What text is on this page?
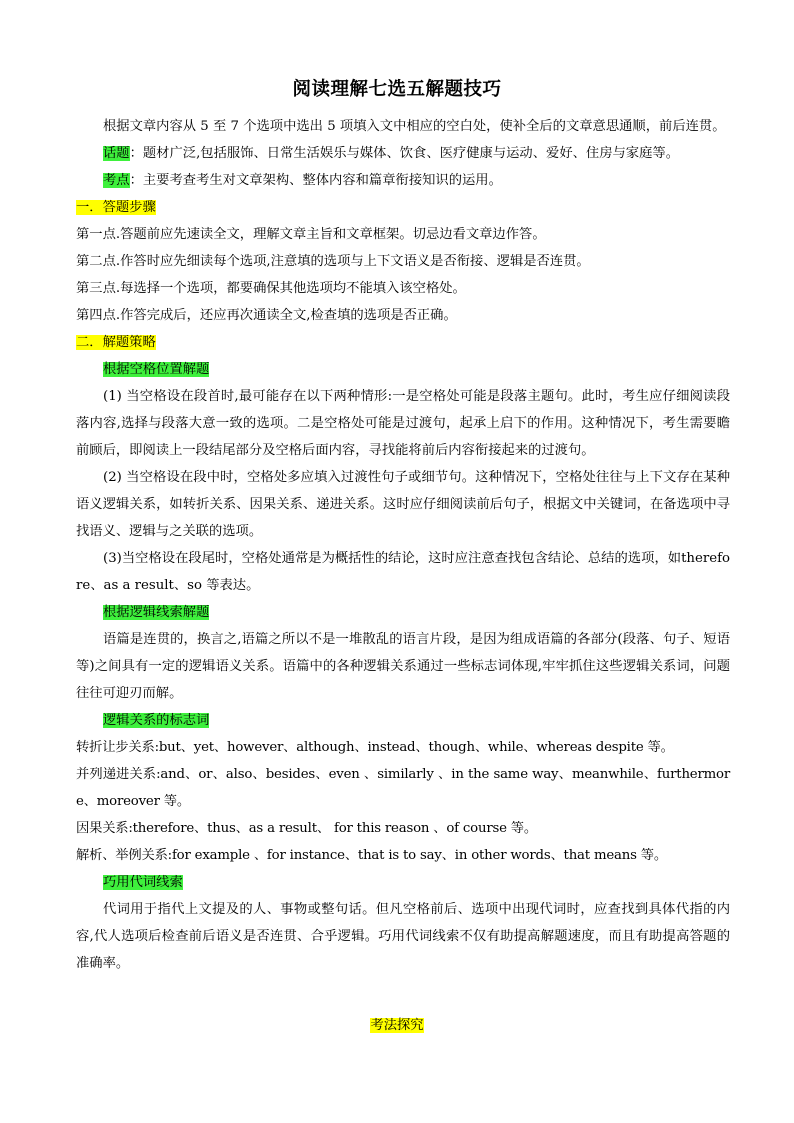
阅读理解七选五解题技巧

根据文章内容从 5 至 7 个选项中选出 5 项填入文中相应的空白处，使补全后的文章意思通顺，前后连贯。

话题：题材广泛,包括服饰、日常生活娱乐与媒体、饮食、医疗健康与运动、爱好、住房与家庭等。

考点：主要考查考生对文章架构、整体内容和篇章衔接知识的运用。

一．答题步骤

第一点.答题前应先速读全文，理解文章主旨和文章框架。切忌边看文章边作答。

第二点.作答时应先细读每个选项,注意填的选项与上下文语义是否衔接、逻辑是否连贯。

第三点.每选择一个选项，都要确保其他选项均不能填入该空格处。

第四点.作答完成后，还应再次通读全文,检查填的选项是否正确。

二．解题策略

根据空格位置解题

(1) 当空格设在段首时,最可能存在以下两种情形:一是空格处可能是段落主题句。此时，考生应仔细阅读段落内容,选择与段落大意一致的选项。二是空格处可能是过渡句，起承上启下的作用。这种情况下，考生需要瞻前顾后，即阅读上一段结尾部分及空格后面内容，寻找能将前后内容衔接起来的过渡句。

(2) 当空格设在段中时，空格处多应填入过渡性句子或细节句。这种情况下，空格处往往与上下文存在某种语义逻辑关系，如转折关系、因果关系、递进关系。这时应仔细阅读前后句子，根据文中关键词，在备选项中寻找语义、逻辑与之关联的选项。

(3)当空格设在段尾时，空格处通常是为概括性的结论，这时应注意查找包含结论、总结的选项，如therefore、as a result、so 等表达。

根据逻辑线索解题

语篇是连贯的，换言之,语篇之所以不是一堆散乱的语言片段，是因为组成语篇的各部分(段落、句子、短语等)之间具有一定的逻辑语义关系。语篇中的各种逻辑关系通过一些标志词体现,牢牢抓住这些逻辑关系词，问题往往可迎刃而解。

逻辑关系的标志词

转折让步关系:but、yet、however、although、instead、though、while、whereas despite 等。

并列递进关系:and、or、also、besides、even 、similarly 、in the same way、meanwhile、furthermore、moreover 等。

因果关系:therefore、thus、as a result、 for this reason 、of course 等。

解析、举例关系:for example 、for instance、that is to say、in other words、that means 等。

巧用代词线索

代词用于指代上文提及的人、事物或整句话。但凡空格前后、选项中出现代词时，应查找到具体代指的内容,代人选项后检查前后语义是否连贯、合乎逻辑。巧用代词线索不仅有助提高解题速度，而且有助提高答题的准确率。

考法探究
